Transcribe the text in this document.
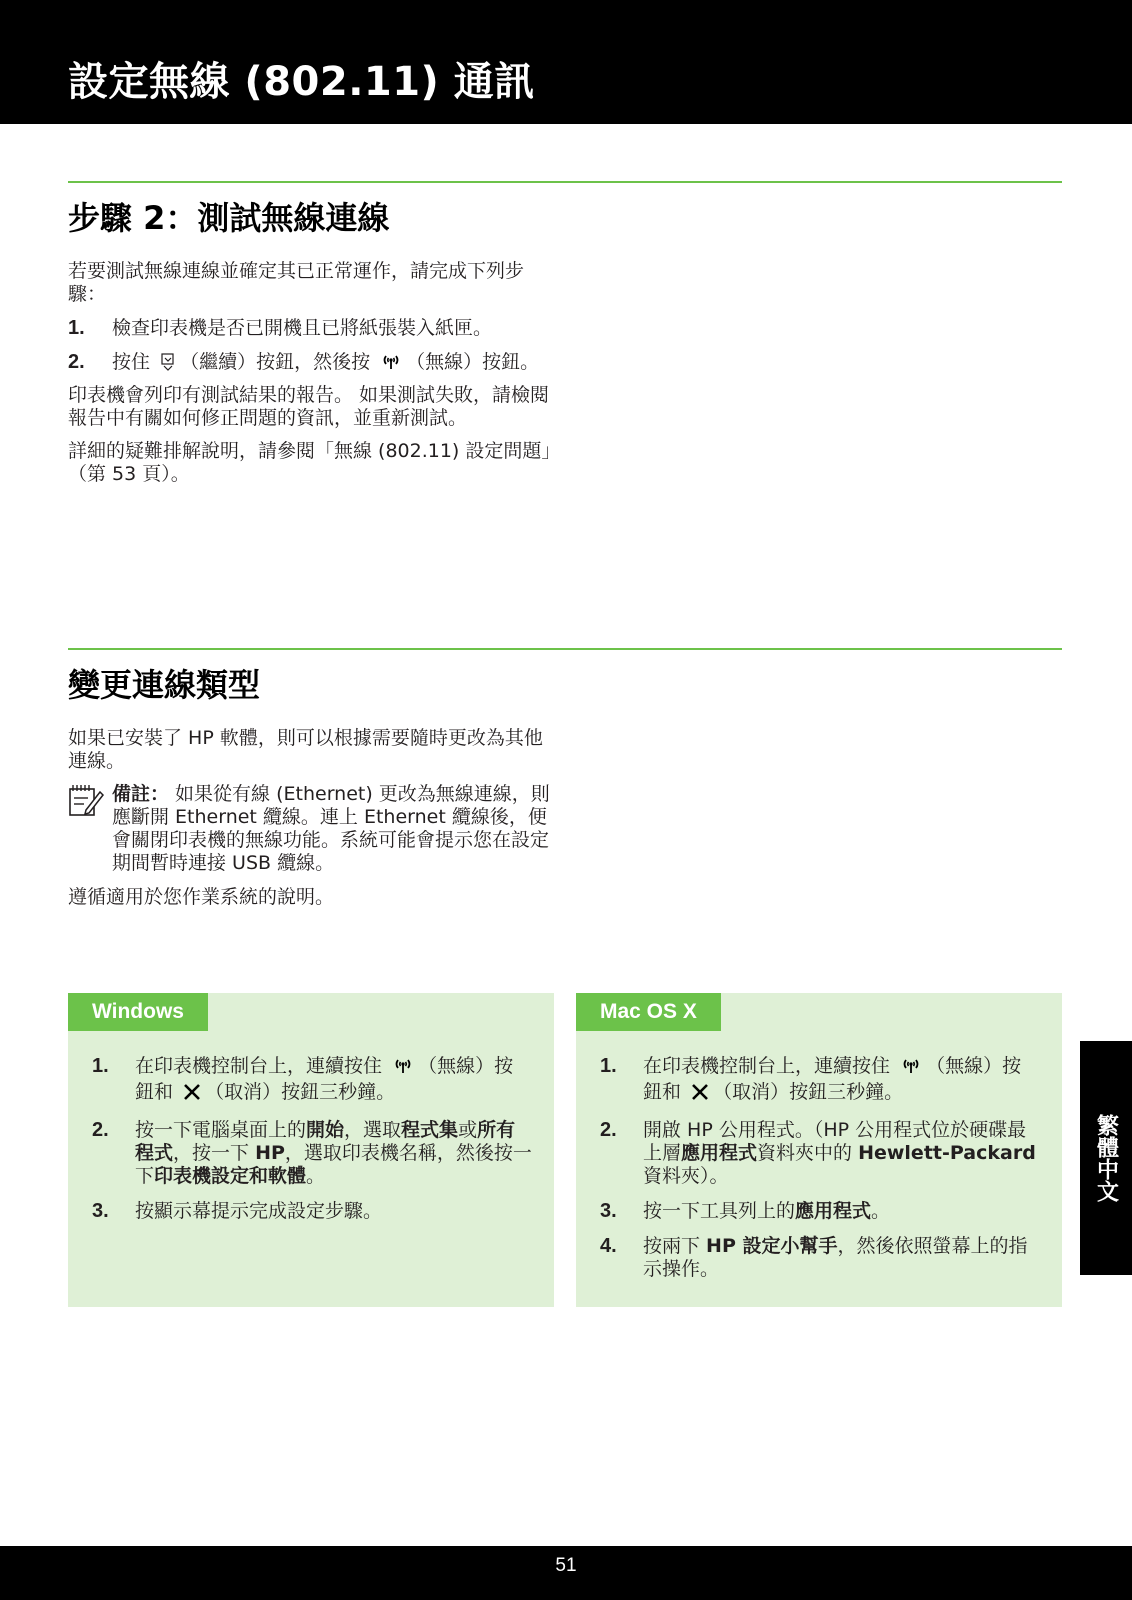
設定無線 (802.11) 通訊
步驟 2：測試無線連線

若要測試無線連線並確定其已正常運作，請完成下列步驟：

1.	檢查印表機是否已開機且已將紙張裝入紙匣。
2.	按住 （繼續）按鈕，然後按 （無線）按鈕。

印表機會列印有測試結果的報告。 如果測試失敗，請檢閱報告中有關如何修正問題的資訊，並重新測試。

詳細的疑難排解說明，請參閱「無線 (802.11) 設定問題」（第 53 頁）。

變更連線類型

如果已安裝了 HP 軟體，則可以根據需要隨時更改為其他連線。

備註： 如果從有線 (Ethernet) 更改為無線連線，則應斷開 Ethernet 纜線。連上 Ethernet 纜線後，便會關閉印表機的無線功能。系統可能會提示您在設定期間暫時連接 USB 纜線。

遵循適用於您作業系統的說明。

Windows
1.	在印表機控制台上，連續按住 （無線）按鈕和 （取消）按鈕三秒鐘。
2.	按一下電腦桌面上的開始，選取程式集或所有程式，按一下 HP，選取印表機名稱，然後按一下印表機設定和軟體。
3.	按顯示幕提示完成設定步驟。
Mac OS X
1.	在印表機控制台上，連續按住 （無線）按鈕和 （取消）按鈕三秒鐘。
2.	開啟 HP 公用程式。（HP 公用程式位於硬碟最上層應用程式資料夾中的 Hewlett-Packard 資料夾）。
3.	按一下工具列上的應用程式。
4.	按兩下 HP 設定小幫手，然後依照螢幕上的指示操作。
繁體中文
51
